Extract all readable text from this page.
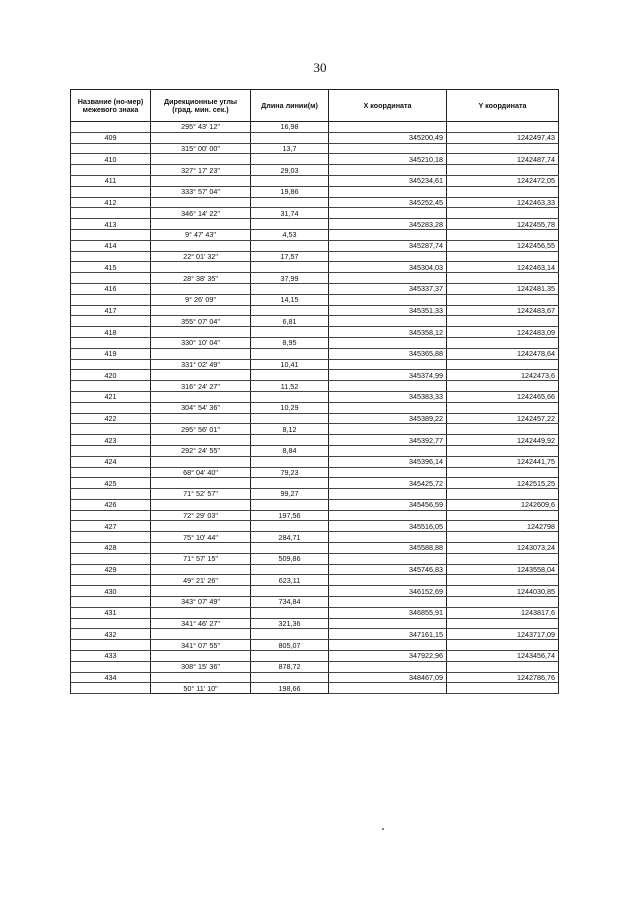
30
Название (но-мер) межевого знака	Дирекционные углы (град. мин. сек.)	Длина линии(м)	X координата	Y координата
	295° 43' 12"	16,98		
409			345200,49	1242497,43
	315° 00' 00"	13,7		
410			345210,18	1242487,74
	327° 17' 23"	29,03		
411			345234,61	1242472,05
	333° 57' 04"	19,86		
412			345252,45	1242463,33
	346° 14' 22"	31,74		
413			345283,28	1242455,78
	9° 47' 43"	4,53		
414			345287,74	1242456,55
	22° 01' 32"	17,57		
415			345304,03	1242463,14
	28° 38' 35"	37,99		
416			345337,37	1242481,35
	9° 26' 09"	14,15		
417			345351,33	1242483,67
	355° 07' 04"	6,81		
418			345358,12	1242483,09
	330° 10' 04"	8,95		
419			345365,88	1242478,64
	331° 02' 49"	10,41		
420			345374,99	1242473,6
	316° 24' 27"	11,52		
421			345383,33	1242465,66
	304° 54' 36"	10,29		
422			345389,22	1242457,22
	295° 56' 01"	8,12		
423			345392,77	1242449,92
	292° 24' 55"	8,84		
424			345396,14	1242441,75
	68° 04' 40"	79,23		
425			345425,72	1242515,25
	71° 52' 57"	99,27		
426			345456,59	1242609,6
	72° 29' 03"	197,56		
427			345516,05	1242798
	75° 10' 44"	284,71		
428			345588,88	1243073,24
	71° 57' 15"	509,86		
429			345746,83	1243558,04
	49° 21' 26"	623,11		
430			346152,69	1244030,85
	343° 07' 49"	734,84		
431			346855,91	1243817,6
	341° 46' 27"	321,36		
432			347161,15	1243717,09
	341° 07' 55"	805,07		
433			347922,96	1243456,74
	308° 15' 36"	878,72		
434			348467,09	1242786,76
	50° 11' 10"	198,66		
